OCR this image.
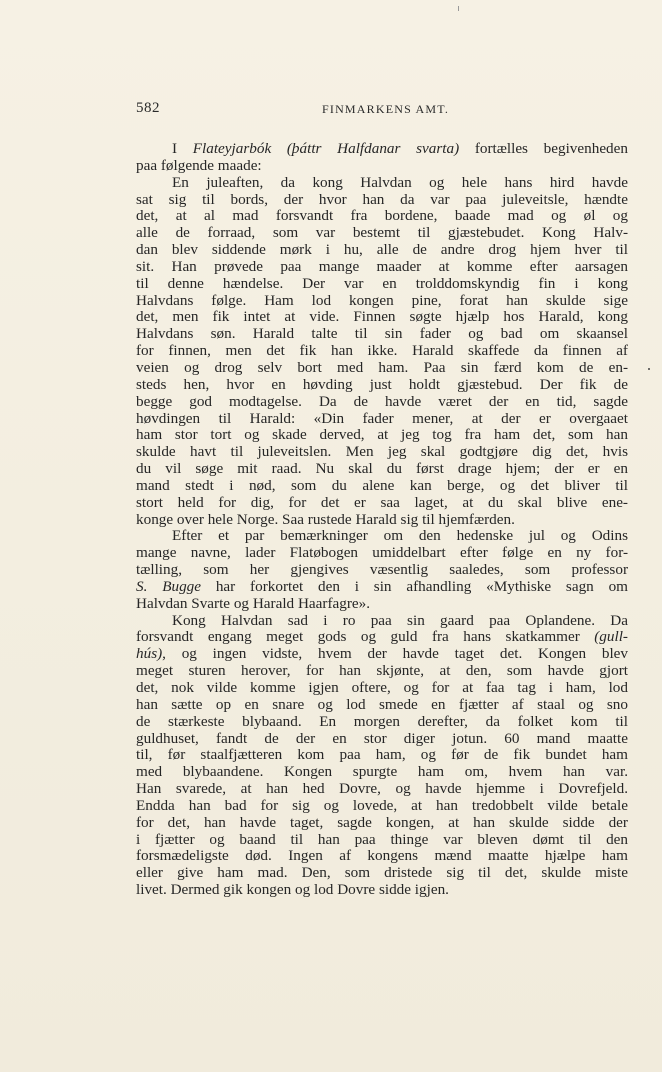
582	FINMARKENS AMT.
I Flateyjarbók (þáttr Halfdanar svarta) fortælles begivenheden
paa følgende maade:
En juleaften, da kong Halvdan og hele hans hird havde
sat sig til bords, der hvor han da var paa juleveitsle, hændte
det, at al mad forsvandt fra bordene, baade mad og øl og
alle de forraad, som var bestemt til gjæstebudet. Kong Halv-
dan blev siddende mørk i hu, alle de andre drog hjem hver til
sit. Han prøvede paa mange maader at komme efter aarsagen
til denne hændelse. Der var en trolddomskyndig fin i kong
Halvdans følge. Ham lod kongen pine, forat han skulde sige
det, men fik intet at vide. Finnen søgte hjælp hos Harald, kong
Halvdans søn. Harald talte til sin fader og bad om skaansel
for finnen, men det fik han ikke. Harald skaffede da finnen af
veien og drog selv bort med ham. Paa sin færd kom de en-
steds hen, hvor en høvding just holdt gjæstebud. Der fik de
begge god modtagelse. Da de havde været der en tid, sagde
høvdingen til Harald: «Din fader mener, at der er overgaaet
ham stor tort og skade derved, at jeg tog fra ham det, som han
skulde havt til juleveitslen. Men jeg skal godtgjøre dig det, hvis
du vil søge mit raad. Nu skal du først drage hjem; der er en
mand stedt i nød, som du alene kan berge, og det bliver til
stort held for dig, for det er saa laget, at du skal blive ene-
konge over hele Norge. Saa rustede Harald sig til hjemfærden.
Efter et par bemærkninger om den hedenske jul og Odins
mange navne, lader Flatøbogen umiddelbart efter følge en ny for-
tælling, som her gjengives væsentlig saaledes, som professor
S. Bugge har forkortet den i sin afhandling «Mythiske sagn om
Halvdan Svarte og Harald Haarfagre».
Kong Halvdan sad i ro paa sin gaard paa Oplandene. Da
forsvandt engang meget gods og guld fra hans skatkammer (gull-
hús), og ingen vidste, hvem der havde taget det. Kongen blev
meget sturen herover, for han skjønte, at den, som havde gjort
det, nok vilde komme igjen oftere, og for at faa tag i ham, lod
han sætte op en snare og lod smede en fjætter af staal og sno
de stærkeste blybaand. En morgen derefter, da folket kom til
guldhuset, fandt de der en stor diger jotun. 60 mand maatte
til, før staalfjætteren kom paa ham, og før de fik bundet ham
med blybaandene. Kongen spurgte ham om, hvem han var.
Han svarede, at han hed Dovre, og havde hjemme i Dovrefjeld.
Endda han bad for sig og lovede, at han tredobbelt vilde betale
for det, han havde taget, sagde kongen, at han skulde sidde der
i fjætter og baand til han paa thinge var bleven dømt til den
forsmædeligste død. Ingen af kongens mænd maatte hjælpe ham
eller give ham mad. Den, som dristede sig til det, skulde miste
livet. Dermed gik kongen og lod Dovre sidde igjen.
